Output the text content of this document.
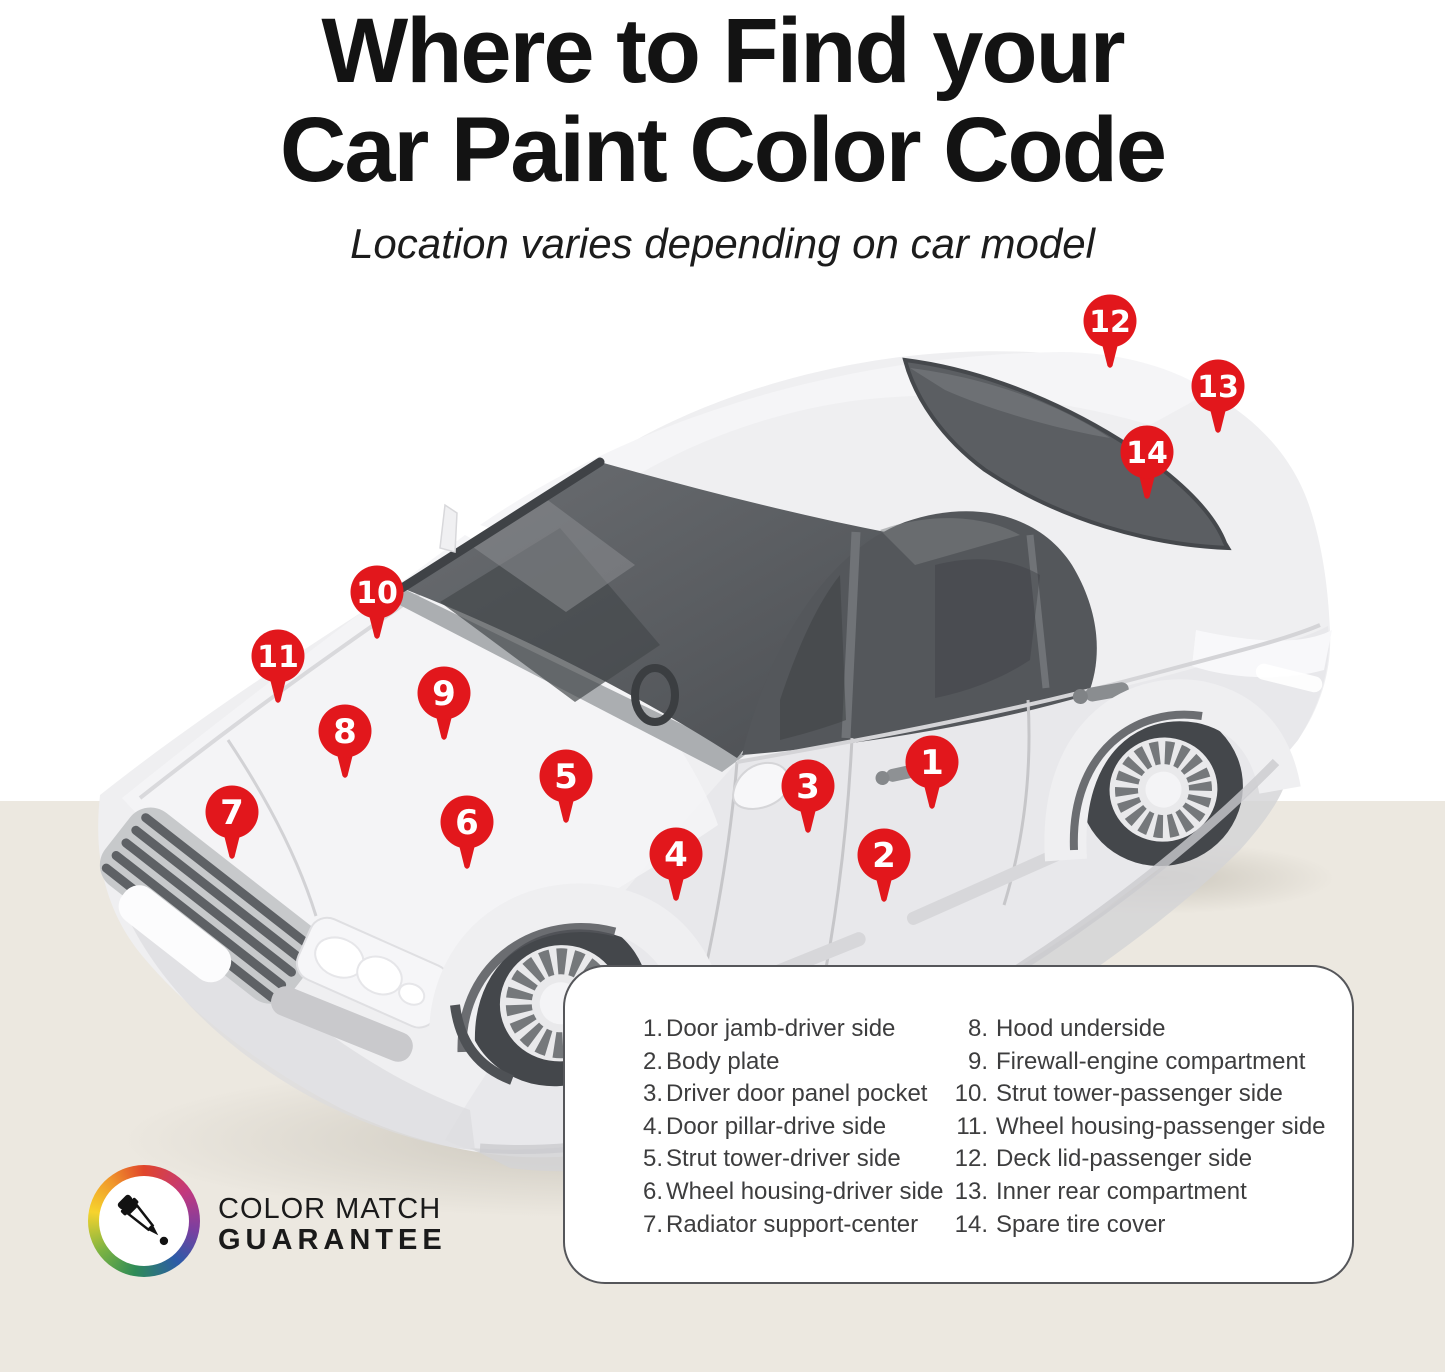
Where to Find your
Car Paint Color Code
Location varies depending on car model
1
2
3
4
5
6
7
8
9
10
11
12
13
14
1. Door jamb-driver side
2. Body plate
3. Driver door panel pocket
4. Door pillar-drive side
5. Strut tower-driver side
6. Wheel housing-driver side
7. Radiator support-center
8. Hood underside
9. Firewall-engine compartment
10. Strut tower-passenger side
11. Wheel housing-passenger side
12. Deck lid-passenger side
13. Inner rear compartment
14. Spare tire cover
COLOR MATCH
GUARANTEE
